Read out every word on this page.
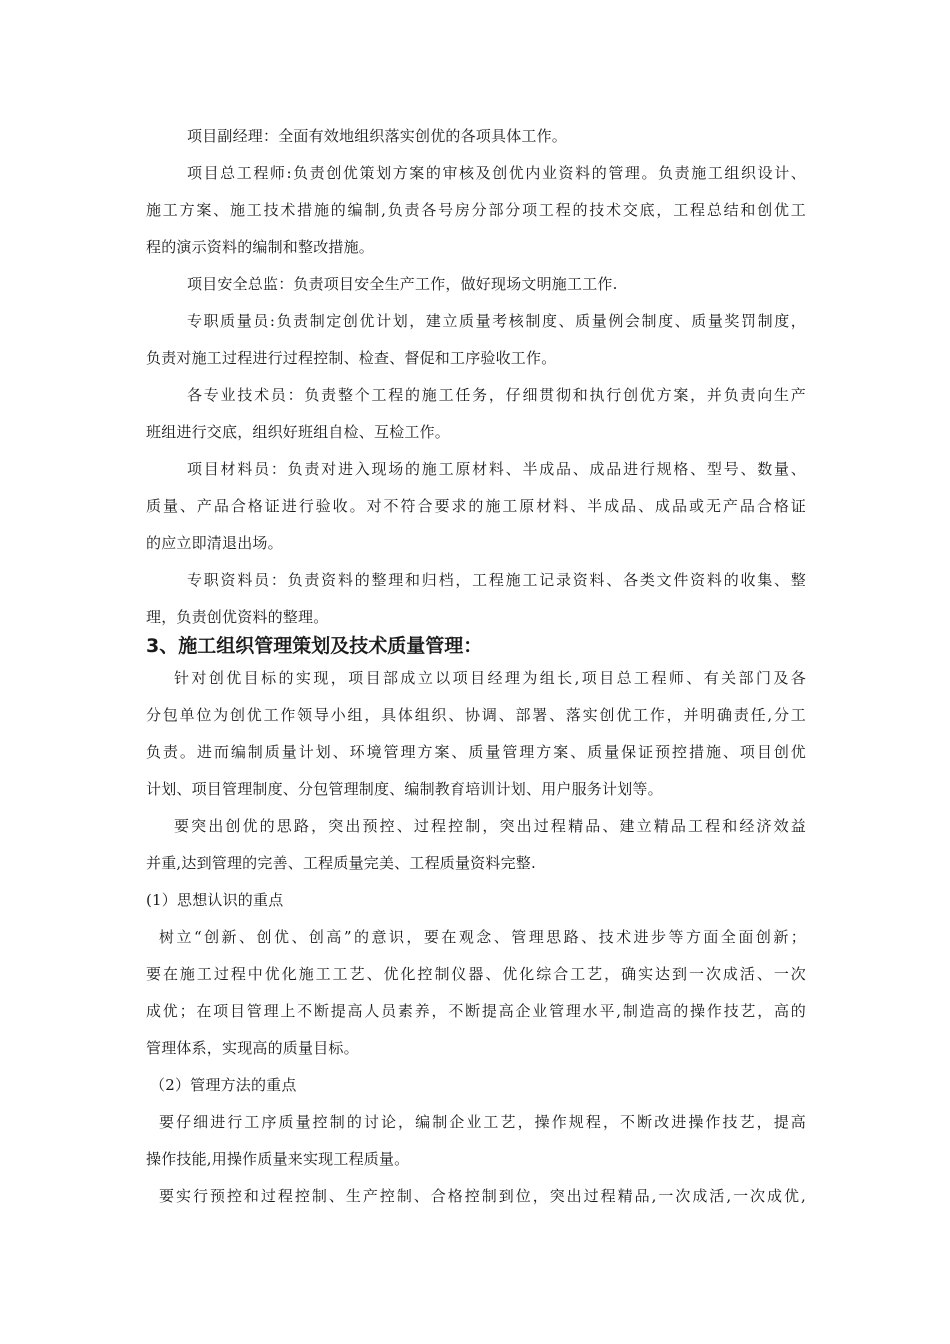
项目副经理：全面有效地组织落实创优的各项具体工作。
项目总工程师:负责创优策划方案的审核及创优内业资料的管理。负责施工组织设计、
施工方案、施工技术措施的编制,负责各号房分部分项工程的技术交底，工程总结和创优工
程的演示资料的编制和整改措施。
项目安全总监：负责项目安全生产工作，做好现场文明施工工作.
专职质量员:负责制定创优计划，建立质量考核制度、质量例会制度、质量奖罚制度，
负责对施工过程进行过程控制、检查、督促和工序验收工作。
各专业技术员：负责整个工程的施工任务，仔细贯彻和执行创优方案，并负责向生产
班组进行交底，组织好班组自检、互检工作。
项目材料员：负责对进入现场的施工原材料、半成品、成品进行规格、型号、数量、
质量、产品合格证进行验收。对不符合要求的施工原材料、半成品、成品或无产品合格证
的应立即清退出场。
专职资料员：负责资料的整理和归档，工程施工记录资料、各类文件资料的收集、整
理，负责创优资料的整理。
3、施工组织管理策划及技术质量管理：
针对创优目标的实现，项目部成立以项目经理为组长,项目总工程师、有关部门及各
分包单位为创优工作领导小组，具体组织、协调、部署、落实创优工作，并明确责任,分工
负责。进而编制质量计划、环境管理方案、质量管理方案、质量保证预控措施、项目创优
计划、项目管理制度、分包管理制度、编制教育培训计划、用户服务计划等。
要突出创优的思路，突出预控、过程控制，突出过程精品、建立精品工程和经济效益
并重,达到管理的完善、工程质量完美、工程质量资料完整.
(1）思想认识的重点
树立“创新、创优、创高”的意识，要在观念、管理思路、技术进步等方面全面创新；
要在施工过程中优化施工工艺、优化控制仪器、优化综合工艺，确实达到一次成活、一次
成优；在项目管理上不断提高人员素养，不断提高企业管理水平,制造高的操作技艺，高的
管理体系，实现高的质量目标。
（2）管理方法的重点
要仔细进行工序质量控制的讨论，编制企业工艺，操作规程，不断改进操作技艺，提高
操作技能,用操作质量来实现工程质量。
要实行预控和过程控制、生产控制、合格控制到位，突出过程精品,一次成活,一次成优,
